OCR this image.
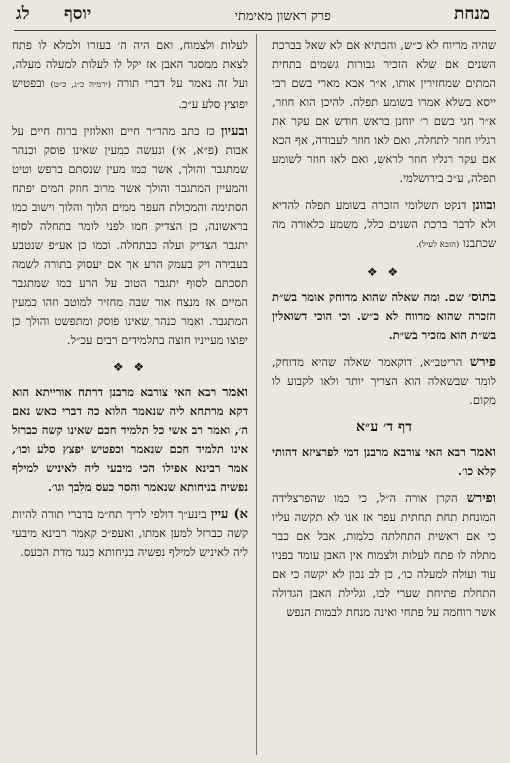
מנחת
פרק ראשון מאימתי
יוסף
לג

שהיה מריוח לא כ״ש, והכתיא אם לא שאל בברכת השנים אם שלא הזכיר גבורות גשמים בתחית המתים שמחזירין אותו, א״ר אבא מארי בשם רבי ייסא בשלא אמרו בשומע תפלה. להיכן הוא חוזר, א״ר חגי בשם ר׳ יוחנן בראש חודש אם עקר את רגליו חוזר לתחלה, ואם לאו חוזר לעבודה, אף הכא אם עקר רגליו חוזר לראש, ואם לאו חוזר לשומע תפלה, ע״כ בירושלמי.

ובוונן דנקט תשלומי הזכרה בשומע תפלה להדיא ולא לדבר ברכת השנים כלל, משמע כלאורה מה שכתבנו (הובא לעיל).

❖ ❖

בתוס׳ שם. ומה שאלה שהוא מדוחק אומר בש״ת הזכרה שהוא מרווח לא כ״ש. וכי הוכי דשואלין בש״ת הוא מזכיר בש״ת.

פירש הריטב״א, דוקאמר שאלה שהיא מדוחק, לומר שבשאלה הוא הצריך יותר ולאו לקבוע לו מקום.

דף ד׳ ע״א

ואמר רבא האי צורבא מרבנן דמי לפרציזא דהותי קלא כו׳.

ופירש הקרן אורה ה״ל, כי כמו שהפרצלידה המונחת תחת תחתית עפר אז אנו לא תקשה עליו כי אם ראשית התחלתה כלמות, אבל אם כבר מתלה לו פתח לעלות ולצמוח אין האבן עומד בפניו עוד ועולה למעלה כו׳, כן לב נכון לא יקשה כי אם התחלת פתיחת שערי לבו, וגלילת האבן הגדולה אשר רוחמה על פתחי ואינה מנחת לבמות הנפש

לעלות ולצמוח, ואם היה ה׳ בעזרו ולמלא לו פתח לצאת ממסגר האבן אז יקל לו לעלות למעלה מעלה, ועל זה נאמר על דברי תורה (ירמיה כ״ג, כ״ט) ובפטיש יפוצץ סלע ע״כ.

ובעיון כז כתב מהר״ר חיים וואלוזין ברוח חיים על אבות (פ״א, א׳) ונעשה כמעין שאינו פוסק וכנהר שמתגבר והולך, אשר כמו מעין שנסתם ברפש וטיט והמעיין המתגבר והולך אשר מרוב חוזק המים יפתח הסתימה והמכולת העפר ממים הלוך והלוך וישוב כמו בראשונה, כן הצדיק חמו לפני לומר בתחלה לסוף יתגבר הצדיק ועלה כבתחלה. וכמו כן אע״פ שנטבע בעבירה ויק בעמק הרע אך אם יעסוק בתורה לשמה תסכתם לסוף יתגבר הטוב על הרע כמו שמתגבר המיים אז מנצח אור שבה מחזיר למוטב וזהו כמעין המתגבר. ואמר כנהר שאינו פוסק ומתפשט והולך כן יפוצו מעייניו חוצה בתלמידים רבים עכ״ל.

❖ ❖

ואמר רבא האי צורבא מרבנן דרתח אורייתא הוא דקא מרתחא ליה שנאמר הלוא כה דברי כאש נאם ה׳, ואמר רב אשי כל תלמיד חכם שאינו קשה כברזל אינו תלמיד חכם שנאמר וכפטיש יפצץ סלע וכו׳, אמר רבינא אפילו הכי מיבעי ליה לאיניש למילף נפשיה בניחותא שנאמר והסר כעס מלבך וגו׳.

א) עיין בינע״ך דולפי לריך תח״מ בדברי תורה להיות קשה כברזל למען אמתו, ואעפ״כ קאמר רבינא מיבעי ליה לאיניש למילף נפשיה בניחותא כנגד מדת הכעס.
